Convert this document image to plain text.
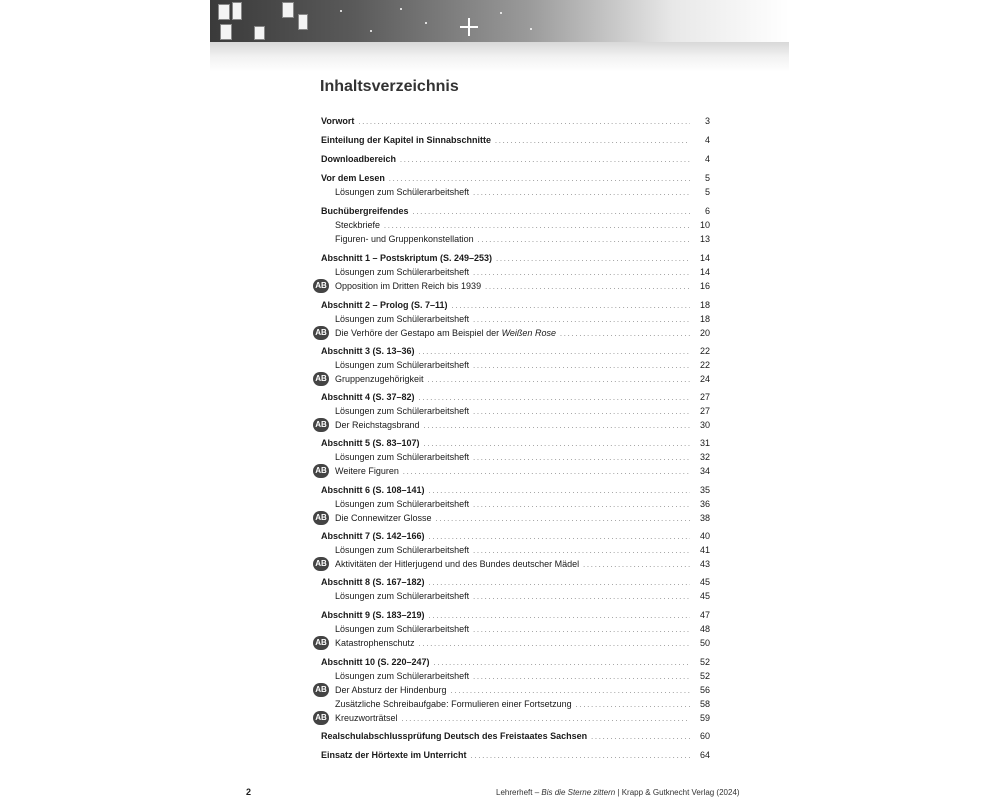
Inhaltsverzeichnis
Vorwort . . .	3
Einteilung der Kapitel in Sinnabschnitte . . .	4
Downloadbereich . . .	4
Vor dem Lesen . . .	5
Lösungen zum Schülerarbeitsheft . . .	5
Buchübergreifendes . . .	6
Steckbriefe . . .	10
Figuren- und Gruppenkonstellation . . .	13
Abschnitt 1 – Postskriptum (S. 249–253) . . .	14
Lösungen zum Schülerarbeitsheft . . .	14
AB Opposition im Dritten Reich bis 1939 . . .	16
Abschnitt 2 – Prolog (S. 7–11) . . .	18
Lösungen zum Schülerarbeitsheft . . .	18
AB Die Verhöre der Gestapo am Beispiel der Weißen Rose . . .	20
Abschnitt 3 (S. 13–36) . . .	22
Lösungen zum Schülerarbeitsheft . . .	22
AB Gruppenzugehörigkeit . . .	24
Abschnitt 4 (S. 37–82) . . .	27
Lösungen zum Schülerarbeitsheft . . .	27
AB Der Reichstagsbrand . . .	30
Abschnitt 5 (S. 83–107) . . .	31
Lösungen zum Schülerarbeitsheft . . .	32
AB Weitere Figuren . . .	34
Abschnitt 6 (S. 108–141) . . .	35
Lösungen zum Schülerarbeitsheft . . .	36
AB Die Connewitzer Glosse . . .	38
Abschnitt 7 (S. 142–166) . . .	40
Lösungen zum Schülerarbeitsheft . . .	41
AB Aktivitäten der Hitlerjugend und des Bundes deutscher Mädel . . .	43
Abschnitt 8 (S. 167–182) . . .	45
Lösungen zum Schülerarbeitsheft . . .	45
Abschnitt 9 (S. 183–219) . . .	47
Lösungen zum Schülerarbeitsheft . . .	48
AB Katastrophenschutz . . .	50
Abschnitt 10 (S. 220–247) . . .	52
Lösungen zum Schülerarbeitsheft . . .	52
AB Der Absturz der Hindenburg . . .	56
Zusätzliche Schreibaufgabe: Formulieren einer Fortsetzung . . .	58
AB Kreuzworträtsel . . .	59
Realschulabschlussprüfung Deutsch des Freistaates Sachsen . . .	60
Einsatz der Hörtexte im Unterricht . . .	64
2	Lehrerheft – Bis die Sterne zittern | Krapp & Gutknecht Verlag (2024)
